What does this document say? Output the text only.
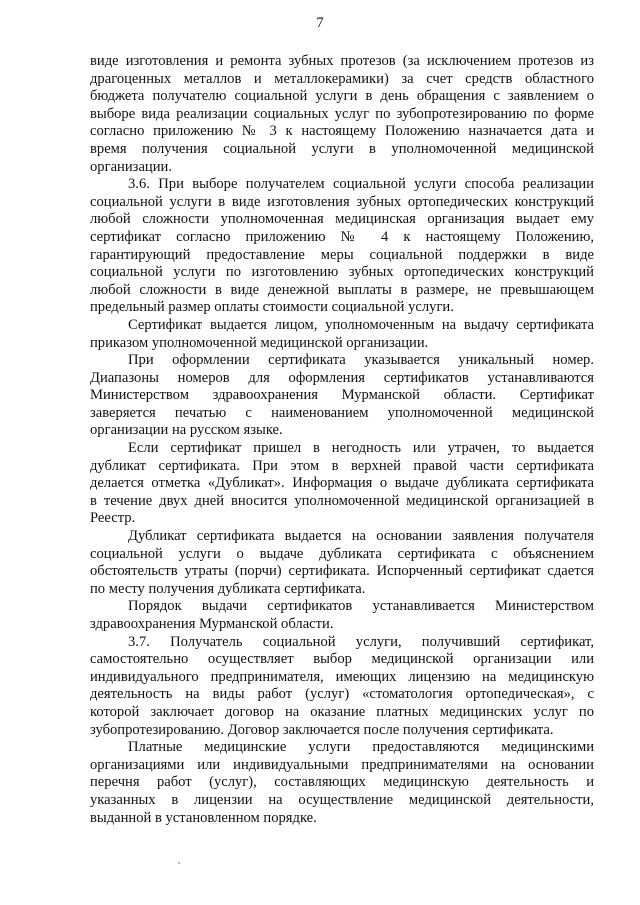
7
виде изготовления и ремонта зубных протезов (за исключением протезов из
драгоценных металлов и металлокерамики) за счет средств областного
бюджета получателю социальной услуги в день обращения с заявлением о
выборе вида реализации социальных услуг по зубопротезированию по форме
согласно приложению № 3 к настоящему Положению назначается дата и
время получения социальной услуги в уполномоченной медицинской
организации.
3.6. При выборе получателем социальной услуги способа реализации
социальной услуги в виде изготовления зубных ортопедических конструкций
любой сложности уполномоченная медицинская организация выдает ему
сертификат согласно приложению № 4 к настоящему Положению,
гарантирующий предоставление меры социальной поддержки в виде
социальной услуги по изготовлению зубных ортопедических конструкций
любой сложности в виде денежной выплаты в размере, не превышающем
предельный размер оплаты стоимости социальной услуги.
Сертификат выдается лицом, уполномоченным на выдачу сертификата
приказом уполномоченной медицинской организации.
При оформлении сертификата указывается уникальный номер.
Диапазоны номеров для оформления сертификатов устанавливаются
Министерством здравоохранения Мурманской области. Сертификат
заверяется печатью с наименованием уполномоченной медицинской
организации на русском языке.
Если сертификат пришел в негодность или утрачен, то выдается
дубликат сертификата. При этом в верхней правой части сертификата
делается отметка «Дубликат». Информация о выдаче дубликата сертификата
в течение двух дней вносится уполномоченной медицинской организацией в
Реестр.
Дубликат сертификата выдается на основании заявления получателя
социальной услуги о выдаче дубликата сертификата с объяснением
обстоятельств утраты (порчи) сертификата. Испорченный сертификат сдается
по месту получения дубликата сертификата.
Порядок выдачи сертификатов устанавливается Министерством
здравоохранения Мурманской области.
3.7. Получатель социальной услуги, получивший сертификат,
самостоятельно осуществляет выбор медицинской организации или
индивидуального предпринимателя, имеющих лицензию на медицинскую
деятельность на виды работ (услуг) «стоматология ортопедическая», с
которой заключает договор на оказание платных медицинских услуг по
зубопротезированию. Договор заключается после получения сертификата.
Платные медицинские услуги предоставляются медицинскими
организациями или индивидуальными предпринимателями на основании
перечня работ (услуг), составляющих медицинскую деятельность и
указанных в лицензии на осуществление медицинской деятельности,
выданной в установленном порядке.
